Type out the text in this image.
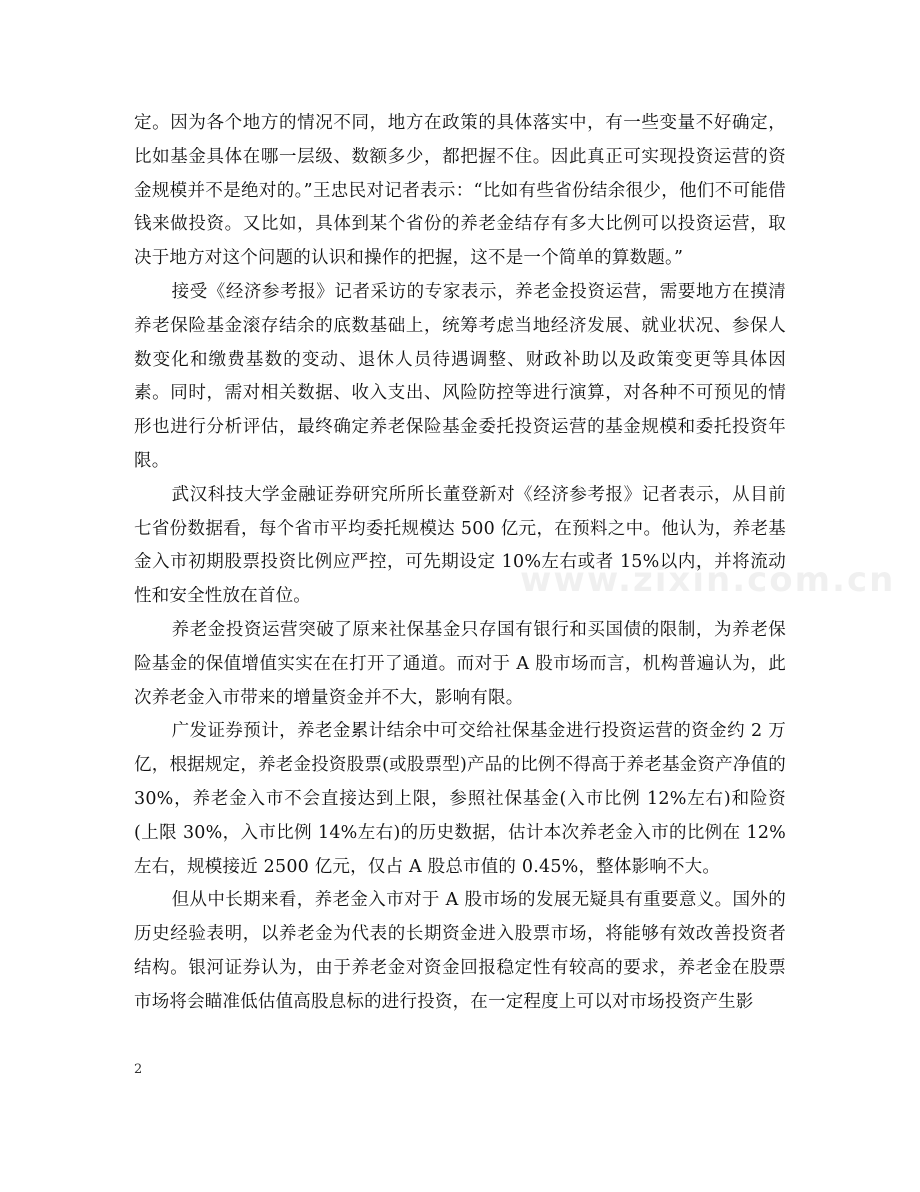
定。因为各个地方的情况不同，地方在政策的具体落实中，有一些变量不好确定，比如基金具体在哪一层级、数额多少，都把握不住。因此真正可实现投资运营的资金规模并不是绝对的。”王忠民对记者表示：“比如有些省份结余很少，他们不可能借钱来做投资。又比如，具体到某个省份的养老金结存有多大比例可以投资运营，取决于地方对这个问题的认识和操作的把握，这不是一个简单的算数题。”

接受《经济参考报》记者采访的专家表示，养老金投资运营，需要地方在摸清养老保险基金滚存结余的底数基础上，统筹考虑当地经济发展、就业状况、参保人数变化和缴费基数的变动、退休人员待遇调整、财政补助以及政策变更等具体因素。同时，需对相关数据、收入支出、风险防控等进行演算，对各种不可预见的情形也进行分析评估，最终确定养老保险基金委托投资运营的基金规模和委托投资年限。

武汉科技大学金融证券研究所所长董登新对《经济参考报》记者表示，从目前七省份数据看，每个省市平均委托规模达 500 亿元，在预料之中。他认为，养老基金入市初期股票投资比例应严控，可先期设定 10%左右或者 15%以内，并将流动性和安全性放在首位。

养老金投资运营突破了原来社保基金只存国有银行和买国债的限制，为养老保险基金的保值增值实实在在打开了通道。而对于 A 股市场而言，机构普遍认为，此次养老金入市带来的增量资金并不大，影响有限。

广发证券预计，养老金累计结余中可交给社保基金进行投资运营的资金约 2 万亿，根据规定，养老金投资股票(或股票型)产品的比例不得高于养老基金资产净值的30%，养老金入市不会直接达到上限，参照社保基金(入市比例 12%左右)和险资(上限 30%，入市比例 14%左右)的历史数据，估计本次养老金入市的比例在 12%左右，规模接近 2500 亿元，仅占 A 股总市值的 0.45%，整体影响不大。

但从中长期来看，养老金入市对于 A 股市场的发展无疑具有重要意义。国外的历史经验表明，以养老金为代表的长期资金进入股票市场，将能够有效改善投资者结构。银河证券认为，由于养老金对资金回报稳定性有较高的要求，养老金在股票市场将会瞄准低估值高股息标的进行投资，在一定程度上可以对市场投资产生影

www.zixin.com.cn
2
